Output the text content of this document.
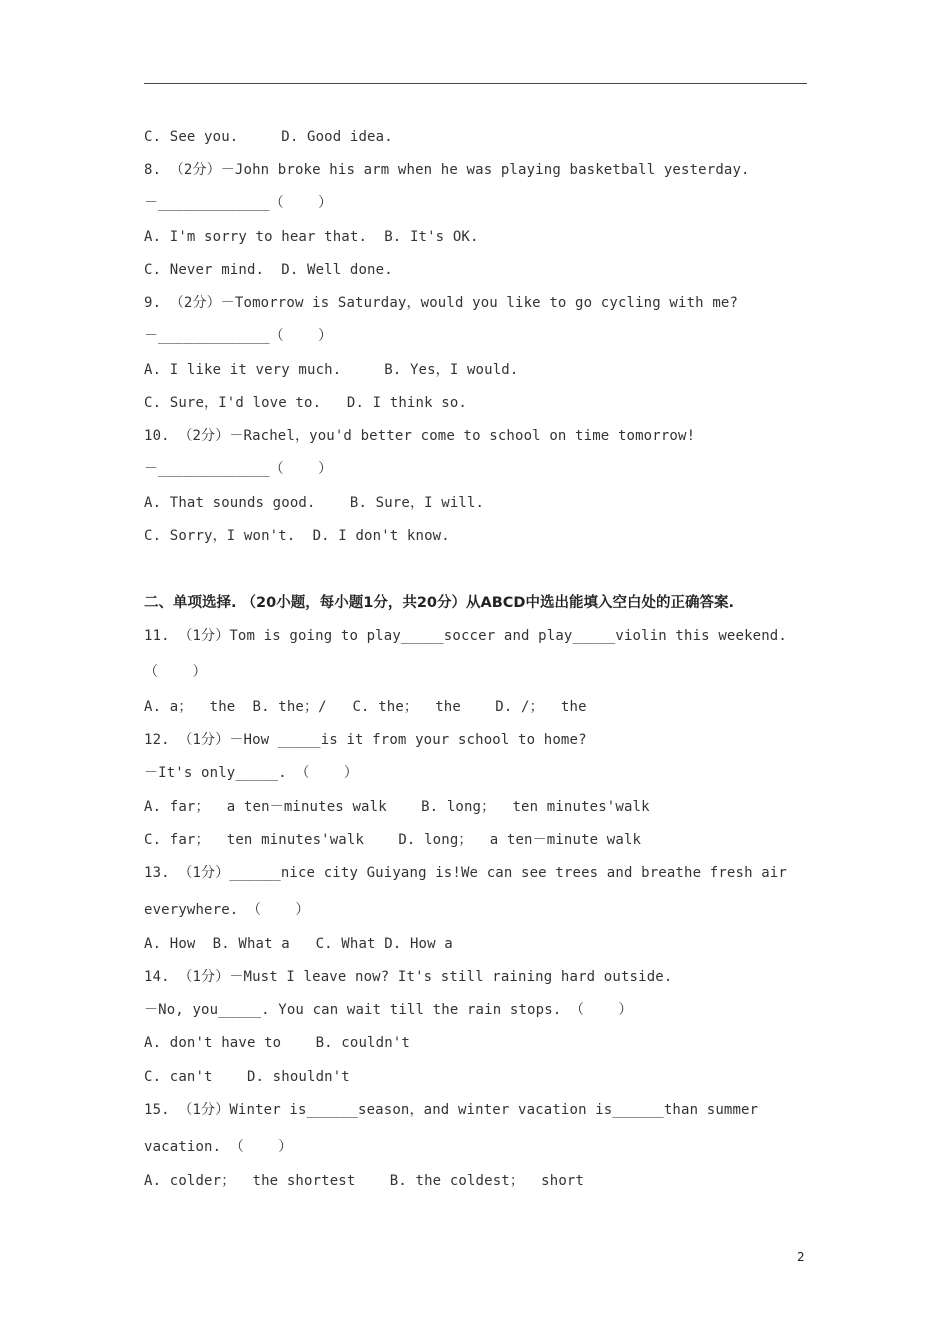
C. See you.     D. Good idea.
8. （2分）－John broke his arm when he was playing basketball yesterday.
－_____________（    ）
A. I'm sorry to hear that.  B. It's OK.
C. Never mind.  D. Well done.
9. （2分）－Tomorrow is Saturday，would you like to go cycling with me?
－_____________（    ）
A. I like it very much.     B. Yes，I would.
C. Sure，I'd love to.   D. I think so.
10. （2分）－Rachel，you'd better come to school on time tomorrow!
－_____________（    ）
A. That sounds good.    B. Sure，I will.
C. Sorry，I won't.  D. I don't know.
二、单项选择. （20小题，每小题1分，共20分）从ABCD中选出能填入空白处的正确答案.
11. （1分）Tom is going to play_____soccer and play_____violin this weekend.
（    ）
A. a；  the  B. the；/   C. the；  the    D. /；  the
12. （1分）－How _____is it from your school to home?
－It's only_____. （    ）
A. far；  a ten－minutes walk    B. long；  ten minutes'walk
C. far；  ten minutes'walk    D. long；  a ten－minute walk
13. （1分）______nice city Guiyang is!We can see trees and breathe fresh air
everywhere. （    ）
A. How  B. What a   C. What D. How a
14. （1分）－Must I leave now? It's still raining hard outside.
－No, you_____. You can wait till the rain stops. （    ）
A. don't have to    B. couldn't
C. can't    D. shouldn't
15. （1分）Winter is______season，and winter vacation is______than summer
vacation. （    ）
A. colder；  the shortest    B. the coldest；  short
2
